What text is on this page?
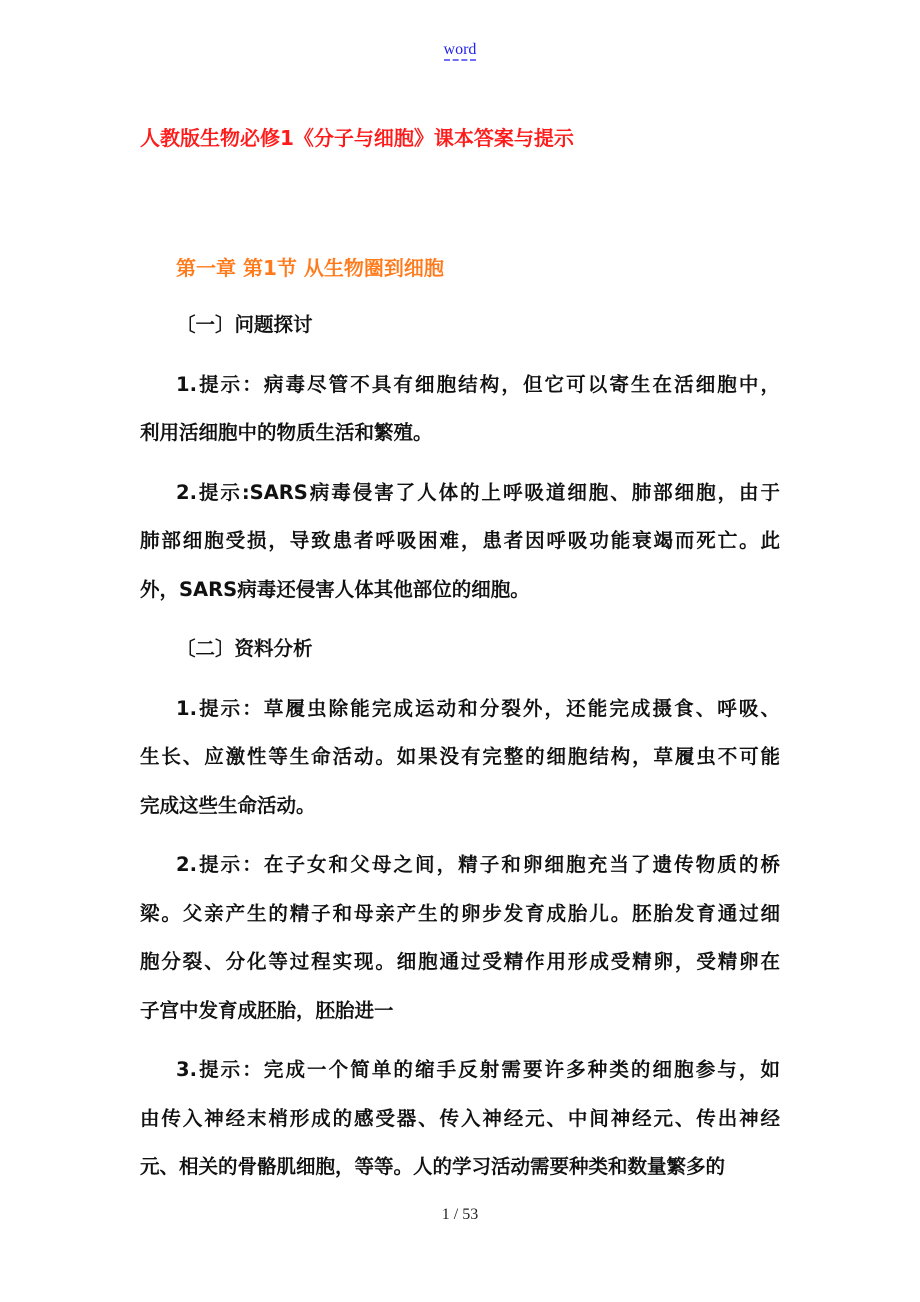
word
人教版生物必修1《分子与细胞》课本答案与提示
第一章 第1节 从生物圈到细胞
〔一〕问题探讨
1.提示：病毒尽管不具有细胞结构，但它可以寄生在活细胞中，
利用活细胞中的物质生活和繁殖。
2.提示:SARS病毒侵害了人体的上呼吸道细胞、肺部细胞，由于
肺部细胞受损，导致患者呼吸困难，患者因呼吸功能衰竭而死亡。此
外，SARS病毒还侵害人体其他部位的细胞。
〔二〕资料分析
1.提示：草履虫除能完成运动和分裂外，还能完成摄食、呼吸、
生长、应激性等生命活动。如果没有完整的细胞结构，草履虫不可能
完成这些生命活动。
2.提示：在子女和父母之间，精子和卵细胞充当了遗传物质的桥
梁。父亲产生的精子和母亲产生的卵步发育成胎儿。胚胎发育通过细
胞分裂、分化等过程实现。细胞通过受精作用形成受精卵，受精卵在
子宫中发育成胚胎，胚胎进一
3.提示：完成一个简单的缩手反射需要许多种类的细胞参与，如
由传入神经末梢形成的感受器、传入神经元、中间神经元、传出神经
元、相关的骨骼肌细胞，等等。人的学习活动需要种类和数量繁多的
1 / 53
